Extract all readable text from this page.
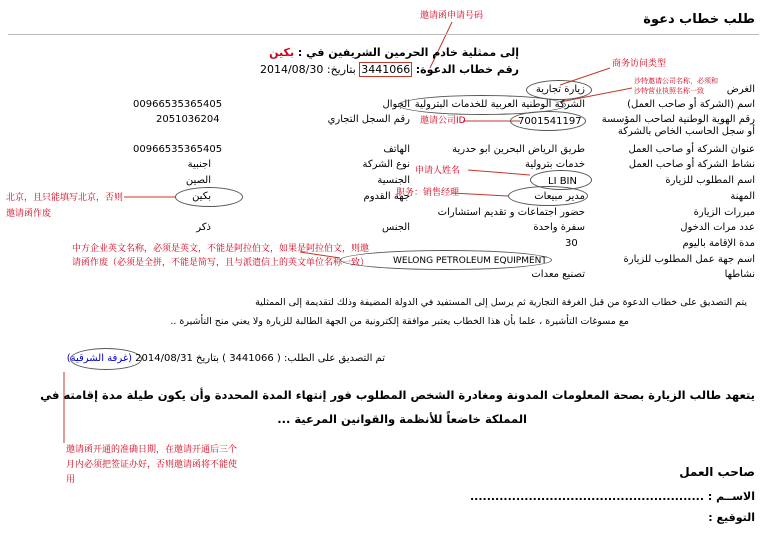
طلب خطاب دعوة
إلى ممثلية خادم الحرمين الشريفين في : بكين
رقم خطاب الدعوة: 3441066 بتاريخ: 2014/08/30
الغرض
اسم (الشركة أو صاحب العمل)
رقم الهوية الوطنية لصاحب المؤسسة أو سجل الحاسب الخاص بالشركة
عنوان الشركة أو صاحب العمل
نشاط الشركة أو صاحب العمل
اسم المطلوب للزيارة
المهنة
مبررات الزيارة
عدد مرات الدخول
مدة الإقامة باليوم
اسم جهة عمل المطلوب للزيارة
نشاطها
زيارة تجارية
الشركة الوطنية العربية للخدمات البترولية
7001541197
طريق الرياض البحرين ابو حدرية
خدمات بترولية
LI BIN
مدير مبيعات
حضور اجتماعات و تقديم استشارات
سفرة واحدة
30
WELONG PETROLEUM EQUIPMENT
تصنيع معدات
الجوال
رقم السجل التجاري
الهاتف
نوع الشركة
الجنسية
جهة القدوم
الجنس
00966535365405
2051036204
00966535365405
اجنبية
الصين
بكين
ذكر
邀请函申请号码
商务访问类型
沙特邀请公司名称，必须和沙特营业执照名称一致
邀请公司ID
申请人姓名
职务：销售经理
北京，且只能填写北京，否则邀请函作废
中方企业英文名称，必须是英文，不能是阿拉伯文，如果是阿拉伯文，则邀请函作废（必须是全拼，不能是简写，且与派遣信上的英文单位名称一致）
邀请函开通的准确日期，在邀请开通后三个月内必须把签证办好，否则邀请函将不能使用
يتم التصديق على خطاب الدعوة من قبل الغرفة التجارية ثم يرسل إلى المستفيد في الدولة المضيفة وذلك لتقديمة إلى الممثلية
مع مسوغات التأشيرة ، علما بأن هذا الخطاب يعتبر موافقة إلكترونية من الجهة الطالبة للزيارة ولا يعني منح التأشيرة ..
تم التصديق على الطلب: ( 3441066 ) بتاريخ 2014/08/31 (غرفة الشرقية)
يتعهد طالب الزيارة بصحة المعلومات المدونة ومغادرة الشخص المطلوب فور إنتهاء المدة المحددة وأن يكون طيلة مدة إقامته في
المملكة خاضعاً للأنظمة والقوانين المرعية ...
صاحب العمل
الاســم : ........................................................
التوقيع :
